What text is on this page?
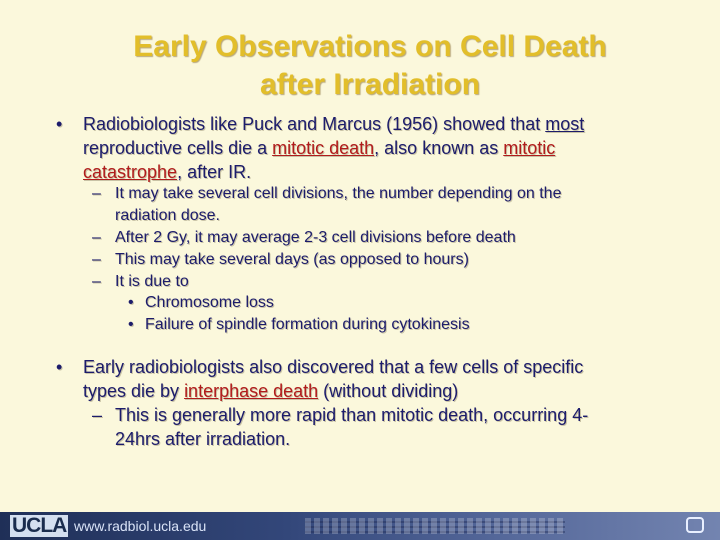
Early Observations on Cell Death
after Irradiation
• Radiobiologists like Puck and Marcus (1956) showed that most
reproductive cells die a mitotic death, also known as mitotic
catastrophe, after IR.
– It may take several cell divisions, the number depending on the
radiation dose.
– After 2 Gy, it may average 2-3 cell divisions before death
– This may take several days (as opposed to hours)
– It is due to
• Chromosome loss
• Failure of spindle formation during cytokinesis
• Early radiobiologists also discovered that a few cells of specific
types die by interphase death (without dividing)
– This is generally more rapid than mitotic death, occurring 4-
24hrs after irradiation.
UCLA www.radbiol.ucla.edu
